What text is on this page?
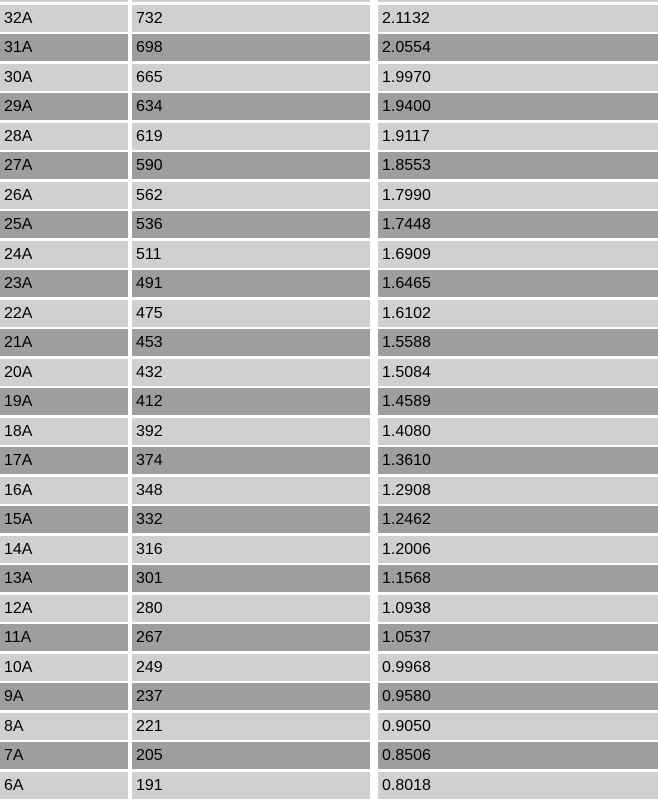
32A	732	2.1132
31A	698	2.0554
30A	665	1.9970
29A	634	1.9400
28A	619	1.9117
27A	590	1.8553
26A	562	1.7990
25A	536	1.7448
24A	511	1.6909
23A	491	1.6465
22A	475	1.6102
21A	453	1.5588
20A	432	1.5084
19A	412	1.4589
18A	392	1.4080
17A	374	1.3610
16A	348	1.2908
15A	332	1.2462
14A	316	1.2006
13A	301	1.1568
12A	280	1.0938
11A	267	1.0537
10A	249	0.9968
9A	237	0.9580
8A	221	0.9050
7A	205	0.8506
6A	191	0.8018
